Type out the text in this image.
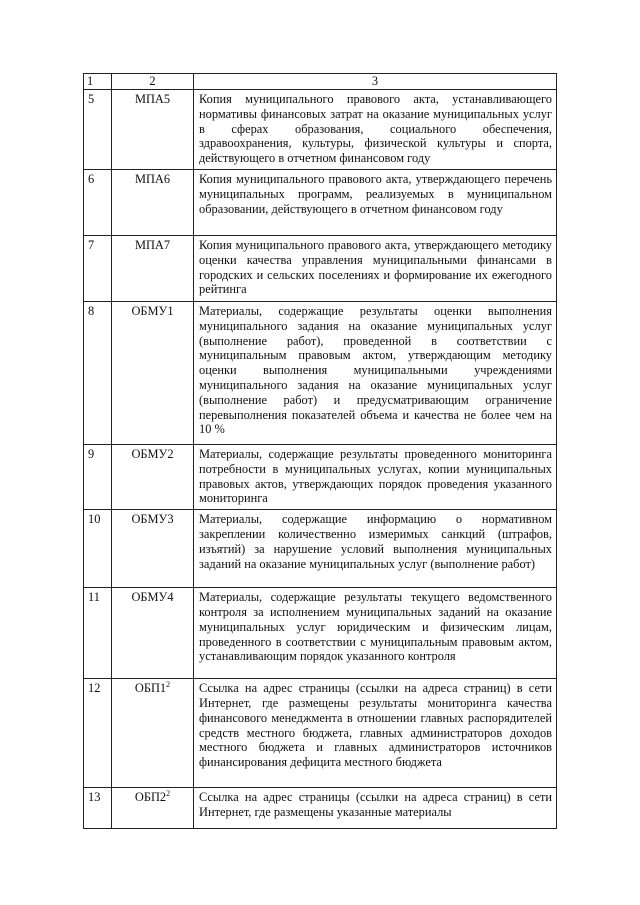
1	2	3
5	МПА5	Копия муниципального правового акта, устанавливающего нормативы финансовых затрат на оказание муниципальных услуг в сферах образования, социального обеспечения, здравоохранения, культуры, физической культуры и спорта, действующего в отчетном финансовом году
6	МПА6	Копия муниципального правового акта, утверждающего перечень муниципальных программ, реализуемых в муниципальном образовании, действующего в отчетном финансовом году
7	МПА7	Копия муниципального правового акта, утверждающего методику оценки качества управления муниципальными финансами в городских и сельских поселениях и формирование их ежегодного рейтинга
8	ОБМУ1	Материалы, содержащие результаты оценки выполнения муниципального задания на оказание муниципальных услуг (выполнение работ), проведенной в соответствии с муниципальным правовым актом, утверждающим методику оценки выполнения муниципальными учреждениями муниципального задания на оказание муниципальных услуг (выполнение работ) и предусматривающим ограничение перевыполнения показателей объема и качества не более чем на 10 %
9	ОБМУ2	Материалы, содержащие результаты проведенного мониторинга потребности в муниципальных услугах, копии муниципальных правовых актов, утверждающих порядок проведения указанного мониторинга
10	ОБМУ3	Материалы, содержащие информацию о нормативном закреплении количественно измеримых санкций (штрафов, изъятий) за нарушение условий выполнения муниципальных заданий на оказание муниципальных услуг (выполнение работ)
11	ОБМУ4	Материалы, содержащие результаты текущего ведомственного контроля за исполнением муниципальных заданий на оказание муниципальных услуг юридическим и физическим лицам, проведенного в соответствии с муниципальным правовым актом, устанавливающим порядок указанного контроля
12	$ОБП1^2$	Ссылка на адрес страницы (ссылки на адреса страниц) в сети Интернет, где размещены результаты мониторинга качества финансового менеджмента в отношении главных распорядителей средств местного бюджета, главных администраторов доходов местного бюджета и главных администраторов источников финансирования дефицита местного бюджета
13	$ОБП2^2$	Ссылка на адрес страницы (ссылки на адреса страниц) в сети Интернет, где размещены указанные материалы
